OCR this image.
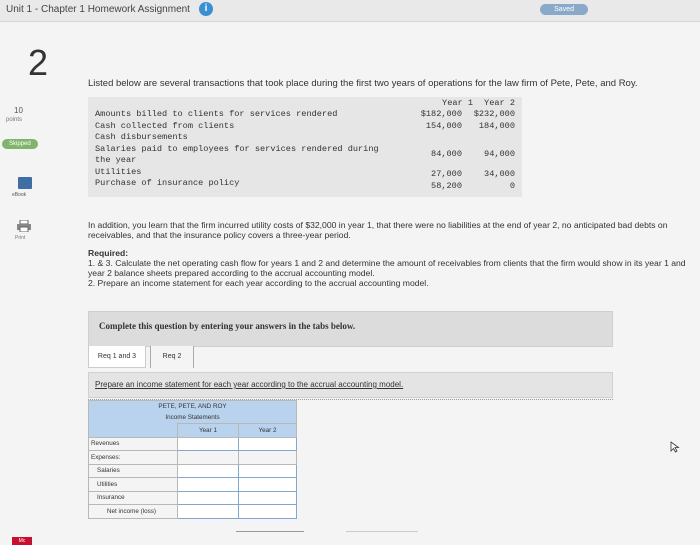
Unit 1 - Chapter 1 Homework Assignment	i	Saved
2
10
points
Skipped
eBook
Print
Mc
Listed below are several transactions that took place during the first two years of operations for the law firm of Pete, Pete, and Roy.
Year 1	Year 2
Amounts billed to clients for services rendered	$182,000	$232,000
Cash collected from clients	154,000	184,000
Cash disbursements
Salaries paid to employees for services rendered during
the year
84,000	94,000
Utilities	27,000	34,000
Purchase of insurance policy	58,200	0
In addition, you learn that the firm incurred utility costs of $32,000 in year 1, that there were no liabilities at the end of year 2, no anticipated bad debts on receivables, and that the insurance policy covers a three-year period.
Required:
1. & 3. Calculate the net operating cash flow for years 1 and 2 and determine the amount of receivables from clients that the firm would show in its year 1 and year 2 balance sheets prepared according to the accrual accounting model.
2. Prepare an income statement for each year according to the accrual accounting model.
Complete this question by entering your answers in the tabs below.
Req 1 and 3	Req 2
Prepare an income statement for each year according to the accrual accounting model.
PETE, PETE, AND ROY		
Income Statements		
	Year 1	Year 2
Revenues		
Expenses:		
Salaries		
Utilities		
Insurance		
Net income (loss)		
